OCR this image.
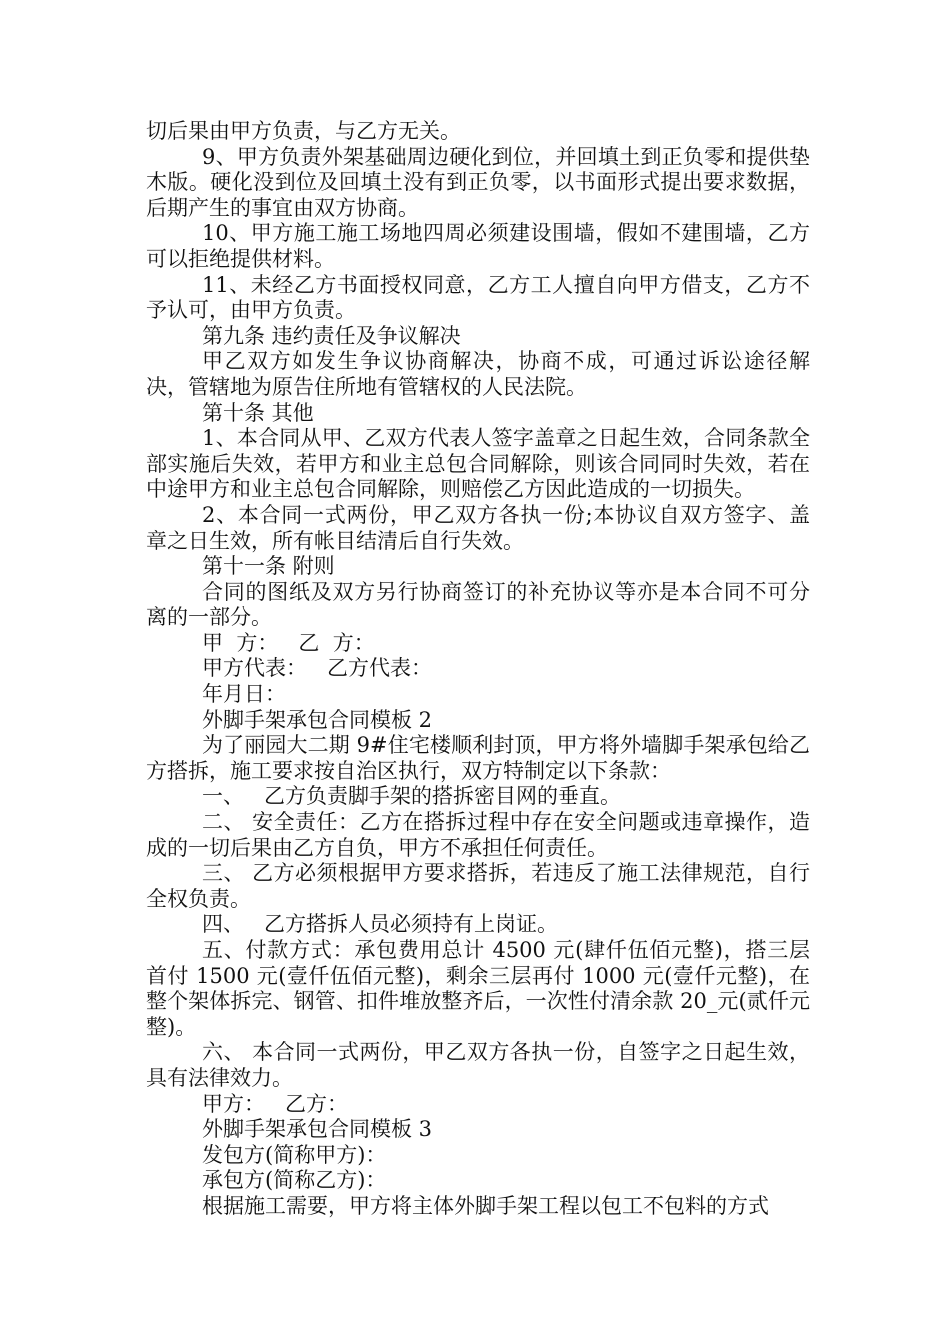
切后果由甲方负责，与乙方无关。
9、甲方负责外架基础周边硬化到位，并回填土到正负零和提供垫木版。硬化没到位及回填土没有到正负零，以书面形式提出要求数据，后期产生的事宜由双方协商。
10、甲方施工施工场地四周必须建设围墙，假如不建围墙，乙方可以拒绝提供材料。
11、未经乙方书面授权同意，乙方工人擅自向甲方借支，乙方不予认可，由甲方负责。
第九条 违约责任及争议解决
甲乙双方如发生争议协商解决，协商不成，可通过诉讼途径解决，管辖地为原告住所地有管辖权的人民法院。
第十条 其他
1、本合同从甲、乙双方代表人签字盖章之日起生效，合同条款全部实施后失效，若甲方和业主总包合同解除，则该合同同时失效，若在中途甲方和业主总包合同解除，则赔偿乙方因此造成的一切损失。
2、本合同一式两份，甲乙双方各执一份;本协议自双方签字、盖章之日生效，所有帐目结清后自行失效。
第十一条 附则
合同的图纸及双方另行协商签订的补充协议等亦是本合同不可分离的一部分。
甲  方：   乙  方：
甲方代表：   乙方代表：
年月日：
外脚手架承包合同模板 2
为了丽园大二期 9#住宅楼顺利封顶，甲方将外墙脚手架承包给乙方搭拆，施工要求按自治区执行，双方特制定以下条款：
一、   乙方负责脚手架的搭拆密目网的垂直。
二、 安全责任：乙方在搭拆过程中存在安全问题或违章操作，造成的一切后果由乙方自负，甲方不承担任何责任。
三、 乙方必须根据甲方要求搭拆，若违反了施工法律规范，自行全权负责。
四、   乙方搭拆人员必须持有上岗证。
五、付款方式：承包费用总计 4500 元(肆仟伍佰元整)，搭三层首付 1500 元(壹仟伍佰元整)，剩余三层再付 1000 元(壹仟元整)，在整个架体拆完、钢管、扣件堆放整齐后，一次性付清余款 20_元(贰仟元整)。
六、 本合同一式两份，甲乙双方各执一份，自签字之日起生效，具有法律效力。
甲方：   乙方：
外脚手架承包合同模板 3
发包方(简称甲方)：
承包方(简称乙方)：
根据施工需要，甲方将主体外脚手架工程以包工不包料的方式
